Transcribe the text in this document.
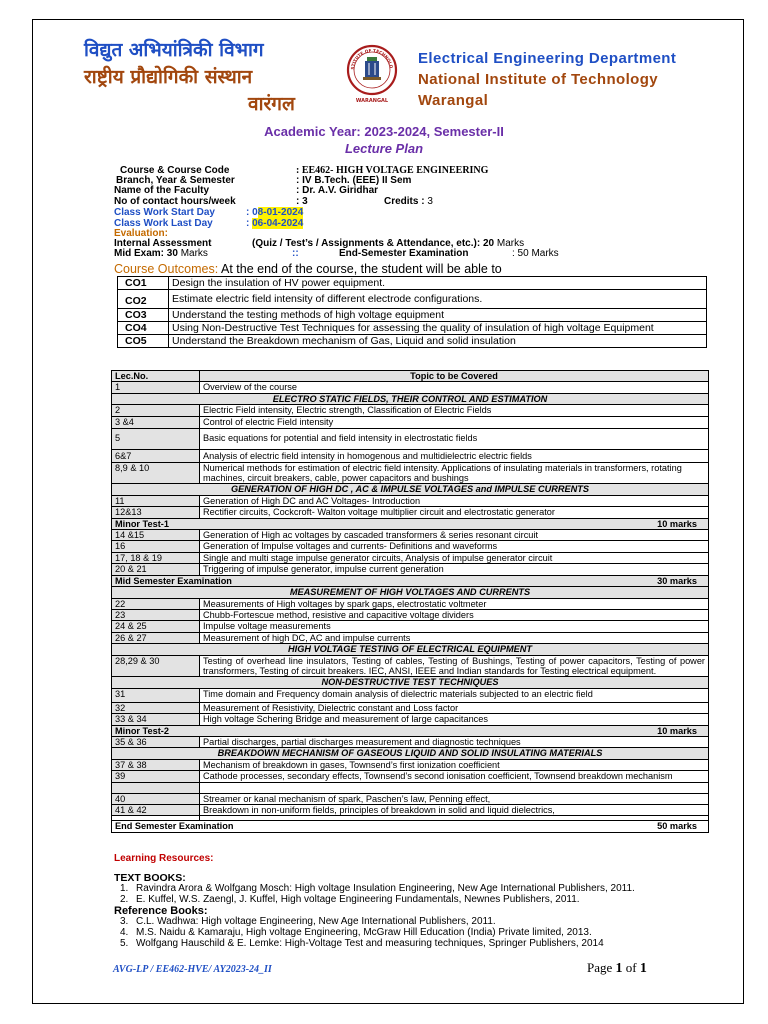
विद्युत अभियांत्रिकी विभाग
राष्ट्रीय प्रौद्योगिकी संस्थान
वारंगल
STITUTE OF TECHNOLO
WARANGAL
Electrical Engineering Department
National Institute of Technology
Warangal
Academic Year: 2023-2024, Semester-II
Lecture Plan
Course & Course Code	: EE462- HIGH VOLTAGE ENGINEERING
Branch, Year & Semester	: IV B.Tech. (EEE) II Sem
Name of the Faculty	: Dr. A.V. Giridhar
No of contact hours/week	: 3	Credits : 3
Class Work Start Day	: 08-01-2024
Class Work Last Day	: 06-04-2024
Evaluation:
Internal Assessment	(Quiz / Test’s / Assignments & Attendance, etc.): 20 Marks
Mid Exam: 30 Marks	::	End-Semester Examination	: 50 Marks
Course Outcomes: At the end of the course, the student will be able to
CO1	Design the insulation of HV power equipment.
CO2	Estimate electric field intensity of different electrode configurations.
CO3	Understand the testing methods of high voltage equipment
CO4	Using Non-Destructive Test Techniques for assessing the quality of insulation of high voltage Equipment
CO5	Understand the Breakdown mechanism of Gas, Liquid and solid insulation
Lec.No.	Topic to be Covered
1	Overview of the course
ELECTRO STATIC FIELDS, THEIR CONTROL AND ESTIMATION	
2	Electric Field intensity, Electric strength, Classification of Electric Fields
3 &4	Control of electric Field intensity
5	Basic equations for potential and field intensity in electrostatic fields
6&7	Analysis of electric field intensity in homogenous and multidielectric electric fields
8,9 & 10	Numerical methods for estimation of electric field intensity. Applications of insulating materials in transformers, rotating machines, circuit breakers, cable, power capacitors and bushings
GENERATION OF HIGH DC , AC & IMPULSE VOLTAGES and IMPULSE CURRENTS	
11	Generation of High DC and AC Voltages- Introduction
12&13	Rectifier circuits, Cockcroft- Walton voltage multiplier circuit and electrostatic generator
Minor Test-1 10 marks	

14 &15	Generation of High ac voltages by cascaded transformers & series resonant circuit
16	Generation of Impulse voltages and currents- Definitions and waveforms
17, 18 & 19	Single and multi stage impulse generator circuits, Analysis of impulse generator circuit
20 & 21	Triggering of impulse generator, impulse current generation
Mid Semester Examination 30 marks	

MEASUREMENT OF HIGH VOLTAGES AND CURRENTS	
22	Measurements of High voltages by spark gaps, electrostatic voltmeter
23	Chubb-Fortescue method, resistive and capacitive voltage dividers
24 & 25	Impulse voltage measurements
26 & 27	Measurement of high DC, AC and impulse currents
HIGH VOLTAGE TESTING OF ELECTRICAL EQUIPMENT	
28,29 & 30	Testing of overhead line insulators, Testing of cables, Testing of Bushings, Testing of power capacitors, Testing of power transformers, Testing of circuit breakers. IEC, ANSI, IEEE and Indian standards for Testing electrical equipment.
NON-DESTRUCTIVE TEST TECHNIQUES	
31	Time domain and Frequency domain analysis of dielectric materials subjected to an electric field
32	Measurement of Resistivity, Dielectric constant and Loss factor
33 & 34	High voltage Schering Bridge and measurement of large capacitances
Minor Test-2 10 marks	

35 & 36	Partial discharges, partial discharges measurement and diagnostic techniques
BREAKDOWN MECHANISM OF GASEOUS LIQUID AND SOLID INSULATING MATERIALS	
37 & 38	Mechanism of breakdown in gases, Townsend’s first ionization coefficient
39	Cathode processes, secondary effects, Townsend’s second ionisation coefficient, Townsend breakdown mechanism

40	Streamer or kanal mechanism of spark, Paschen’s law, Penning effect,
41 & 42	Breakdown in non-uniform fields, principles of breakdown in solid and liquid dielectrics,

End Semester Examination 50 marks	
Learning Resources:
TEXT BOOKS:
1. Ravindra Arora & Wolfgang Mosch: High voltage Insulation Engineering, New Age International Publishers, 2011.
2. E. Kuffel, W.S. Zaengl, J. Kuffel, High voltage Engineering Fundamentals, Newnes Publishers, 2011.
Reference Books:
3. C.L. Wadhwa: High voltage Engineering, New Age International Publishers, 2011.
4. M.S. Naidu & Kamaraju, High voltage Engineering, McGraw Hill Education (India) Private limited, 2013.
5. Wolfgang Hauschild & E. Lemke: High-Voltage Test and measuring techniques, Springer Publishers, 2014
AVG-LP / EE462-HVE/ AY2023-24_II	Page 1 of 1
